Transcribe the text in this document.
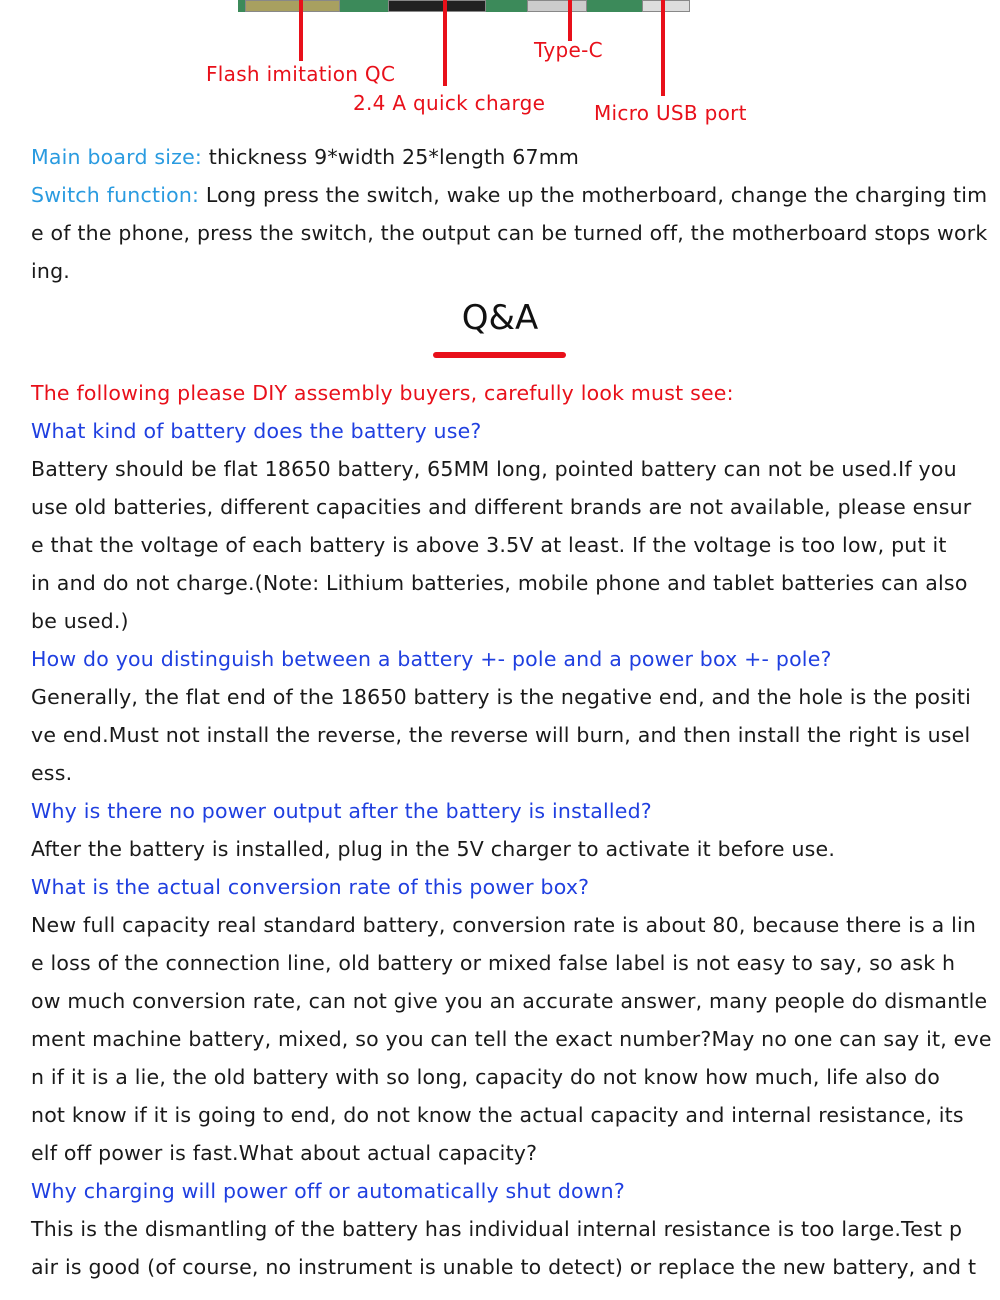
Flash imitation QC
2.4 A quick charge
Type-C
Micro USB port
Main board size: thickness 9*width 25*length 67mm
Switch function: Long press the switch, wake up the motherboard, change the charging tim
e of the phone, press the switch, the output can be turned off, the motherboard stops work
ing.
Q&A
The following please DIY assembly buyers, carefully look must see:
What kind of battery does the battery use?
Battery should be flat 18650 battery, 65MM long, pointed battery can not be used.If you
use old batteries, different capacities and different brands are not available, please ensur
e that the voltage of each battery is above 3.5V at least. If the voltage is too low, put it
in and do not charge.(Note: Lithium batteries, mobile phone and tablet batteries can also
be used.)
How do you distinguish between a battery +- pole and a power box +- pole?
Generally, the flat end of the 18650 battery is the negative end, and the hole is the positi
ve end.Must not install the reverse, the reverse will burn, and then install the right is usel
ess.
Why is there no power output after the battery is installed?
After the battery is installed, plug in the 5V charger to activate it before use.
What is the actual conversion rate of this power box?
New full capacity real standard battery, conversion rate is about 80, because there is a lin
e loss of the connection line, old battery or mixed false label is not easy to say, so ask h
ow much conversion rate, can not give you an accurate answer, many people do dismantle
ment machine battery, mixed, so you can tell the exact number?May no one can say it, eve
n if it is a lie, the old battery with so long, capacity do not know how much, life also do
not know if it is going to end, do not know the actual capacity and internal resistance, its
elf off power is fast.What about actual capacity?
Why charging will power off or automatically shut down?
This is the dismantling of the battery has individual internal resistance is too large.Test p
air is good (of course, no instrument is unable to detect) or replace the new battery, and t
